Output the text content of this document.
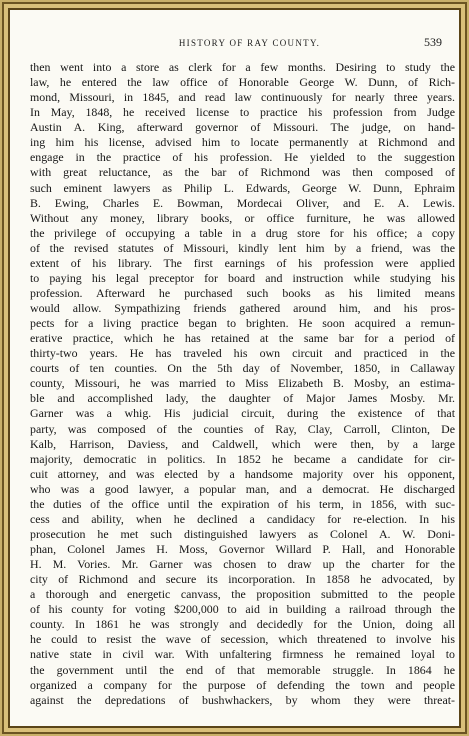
HISTORY OF RAY COUNTY.	539
then went into a store as clerk for a few months. Desiring to study the
law, he entered the law office of Honorable George W. Dunn, of Rich-
mond, Missouri, in 1845, and read law continuously for nearly three years.
In May, 1848, he received license to practice his profession from Judge
Austin A. King, afterward governor of Missouri. The judge, on hand-
ing him his license, advised him to locate permanently at Richmond and
engage in the practice of his profession. He yielded to the suggestion
with great reluctance, as the bar of Richmond was then composed of
such eminent lawyers as Philip L. Edwards, George W. Dunn, Ephraim
B. Ewing, Charles E. Bowman, Mordecai Oliver, and E. A. Lewis.
Without any money, library books, or office furniture, he was allowed
the privilege of occupying a table in a drug store for his office; a copy
of the revised statutes of Missouri, kindly lent him by a friend, was the
extent of his library. The first earnings of his profession were applied
to paying his legal preceptor for board and instruction while studying his
profession. Afterward he purchased such books as his limited means
would allow. Sympathizing friends gathered around him, and his pros-
pects for a living practice began to brighten. He soon acquired a remun-
erative practice, which he has retained at the same bar for a period of
thirty-two years. He has traveled his own circuit and practiced in the
courts of ten counties. On the 5th day of November, 1850, in Callaway
county, Missouri, he was married to Miss Elizabeth B. Mosby, an estima-
ble and accomplished lady, the daughter of Major James Mosby. Mr.
Garner was a whig. His judicial circuit, during the existence of that
party, was composed of the counties of Ray, Clay, Carroll, Clinton, De
Kalb, Harrison, Daviess, and Caldwell, which were then, by a large
majority, democratic in politics. In 1852 he became a candidate for cir-
cuit attorney, and was elected by a handsome majority over his opponent,
who was a good lawyer, a popular man, and a democrat. He discharged
the duties of the office until the expiration of his term, in 1856, with suc-
cess and ability, when he declined a candidacy for re-election. In his
prosecution he met such distinguished lawyers as Colonel A. W. Doni-
phan, Colonel James H. Moss, Governor Willard P. Hall, and Honorable
H. M. Vories. Mr. Garner was chosen to draw up the charter for the
city of Richmond and secure its incorporation. In 1858 he advocated, by
a thorough and energetic canvass, the proposition submitted to the people
of his county for voting $200,000 to aid in building a railroad through the
county. In 1861 he was strongly and decidedly for the Union, doing all
he could to resist the wave of secession, which threatened to involve his
native state in civil war. With unfaltering firmness he remained loyal to
the government until the end of that memorable struggle. In 1864 he
organized a company for the purpose of defending the town and people
against the depredations of bushwhackers, by whom they were threat-
